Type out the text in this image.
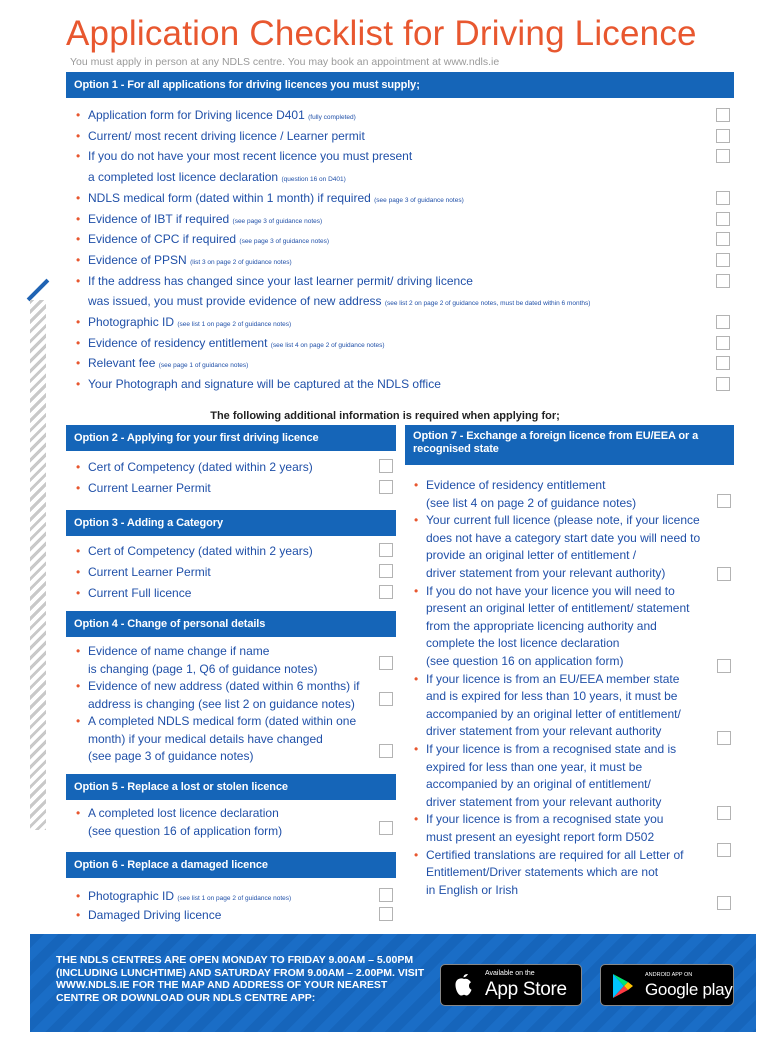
Application Checklist for Driving Licence
You must apply in person at any NDLS centre. You may book an appointment at www.ndls.ie
Option 1 - For all applications for driving licences you must supply;
• Application form for Driving licence D401 (fully completed)
• Current/ most recent driving licence / Learner permit
• If you do not have your most recent licence you must present
a completed lost licence declaration (question 16 on D401)
• NDLS medical form (dated within 1 month) if required (see page 3 of guidance notes)
• Evidence of IBT if required (see page 3 of guidance notes)
• Evidence of CPC if required (see page 3 of guidance notes)
• Evidence of PPSN (list 3 on page 2 of guidance notes)
• If the address has changed since your last learner permit/ driving licence
was issued, you must provide evidence of new address (see list 2 on page 2 of guidance notes, must be dated within 6 months)
• Photographic ID (see list 1 on page 2 of guidance notes)
• Evidence of residency entitlement (see list 4 on page 2 of guidance notes)
• Relevant fee (see page 1 of guidance notes)
• Your Photograph and signature will be captured at the NDLS office
The following additional information is required when applying for;
Option 2 - Applying for your first driving licence
• Cert of Competency (dated within 2 years)
• Current Learner Permit
Option 3 - Adding a Category
• Cert of Competency (dated within 2 years)
• Current Learner Permit
• Current Full licence
Option 4 - Change of personal details
• Evidence of name change if name
is changing (page 1, Q6 of guidance notes)
• Evidence of new address (dated within 6 months) if
address is changing (see list 2 on guidance notes)
• A completed NDLS medical form (dated within one
month) if your medical details have changed
(see page 3 of guidance notes)
Option 5 - Replace a lost or stolen licence
• A completed lost licence declaration
(see question 16 of application form)
Option 6 - Replace a damaged licence
• Photographic ID (see list 1 on page 2 of guidance notes)
• Damaged Driving licence
Option 7 - Exchange a foreign licence from EU/EEA or a
recognised state
• Evidence of residency entitlement
(see list 4 on page 2 of guidance notes)
• Your current full licence (please note, if your licence
does not have a category start date you will need to
provide an original letter of entitlement /
driver statement from your relevant authority)
• If you do not have your licence you will need to
present an original letter of entitlement/ statement
from the appropriate licencing authority and
complete the lost licence declaration
(see question 16 on application form)
• If your licence is from an EU/EEA member state
and is expired for less than 10 years, it must be
accompanied by an original letter of entitlement/
driver statement from your relevant authority
• If your licence is from a recognised state and is
expired for less than one year, it must be
accompanied by an original of entitlement/
driver statement from your relevant authority
• If your licence is from a recognised state you
must present an eyesight report form D502
• Certified translations are required for all Letter of
Entitlement/Driver statements which are not
in English or Irish
THE NDLS CENTRES ARE OPEN MONDAY TO FRIDAY 9.00AM – 5.00PM (INCLUDING LUNCHTIME) AND SATURDAY FROM 9.00AM – 2.00PM. VISIT WWW.NDLS.IE FOR THE MAP AND ADDRESS OF YOUR NEAREST CENTRE OR DOWNLOAD OUR NDLS CENTRE APP:
Available on the
App Store
ANDROID APP ON
Google play
